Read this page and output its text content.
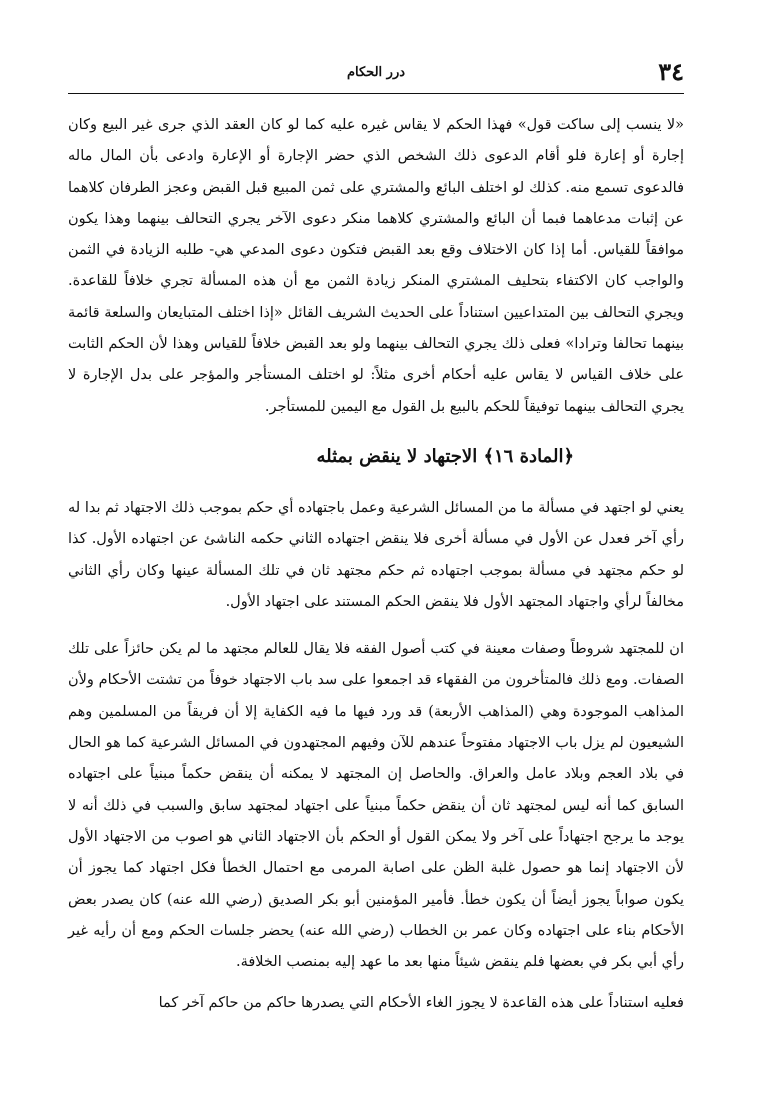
٣٤
درر الحكام

«لا ينسب إلى ساكت قول» فهذا الحكم لا يقاس غيره عليه كما لو كان العقد الذي جرى غير البيع وكان إجارة أو إعارة فلو أقام الدعوى ذلك الشخص الذي حضر الإجارة أو الإعارة وادعى بأن المال ماله فالدعوى تسمع منه. كذلك لو اختلف البائع والمشتري على ثمن المبيع قبل القبض وعجز الطرفان كلاهما عن إثبات مدعاهما فبما أن البائع والمشتري كلاهما منكر دعوى الآخر يجري التحالف بينهما وهذا يكون موافقاً للقياس. أما إذا كان الاختلاف وقع بعد القبض فتكون دعوى المدعي هي- طلبه الزيادة في الثمن والواجب كان الاكتفاء بتحليف المشتري المنكر زيادة الثمن مع أن هذه المسألة تجري خلافاً للقاعدة. ويجري التحالف بين المتداعيين استناداً على الحديث الشريف القائل «إذا اختلف المتبايعان والسلعة قائمة بينهما تحالفا وترادا» فعلى ذلك يجري التحالف بينهما ولو بعد القبض خلافاً للقياس وهذا لأن الحكم الثابت على خلاف القياس لا يقاس عليه أحكام أخرى مثلاً: لو اختلف المستأجر والمؤجر على بدل الإجارة لا يجري التحالف بينهما توفيقاً للحكم بالبيع بل القول مع اليمين للمستأجر.

﴿المادة ١٦﴾ الاجتهاد لا ينقض بمثله

يعني لو اجتهد في مسألة ما من المسائل الشرعية وعمل باجتهاده أي حكم بموجب ذلك الاجتهاد ثم بدا له رأي آخر فعدل عن الأول في مسألة أخرى فلا ينقض اجتهاده الثاني حكمه الناشئ عن اجتهاده الأول. كذا لو حكم مجتهد في مسألة بموجب اجتهاده ثم حكم مجتهد ثان في تلك المسألة عينها وكان رأي الثاني مخالفاً لرأي واجتهاد المجتهد الأول فلا ينقض الحكم المستند على اجتهاد الأول.

ان للمجتهد شروطاً وصفات معينة في كتب أصول الفقه فلا يقال للعالم مجتهد ما لم يكن حائزاً على تلك الصفات. ومع ذلك فالمتأخرون من الفقهاء قد اجمعوا على سد باب الاجتهاد خوفاً من تشتت الأحكام ولأن المذاهب الموجودة وهي (المذاهب الأربعة) قد ورد فيها ما فيه الكفاية إلا أن فريقاً من المسلمين وهم الشيعيون لم يزل باب الاجتهاد مفتوحاً عندهم للآن وفيهم المجتهدون في المسائل الشرعية كما هو الحال في بلاد العجم وبلاد عامل والعراق. والحاصل إن المجتهد لا يمكنه أن ينقض حكماً مبنياً على اجتهاده السابق كما أنه ليس لمجتهد ثان أن ينقض حكماً مبنياً على اجتهاد لمجتهد سابق والسبب في ذلك أنه لا يوجد ما يرجح اجتهاداً على آخر ولا يمكن القول أو الحكم بأن الاجتهاد الثاني هو اصوب من الاجتهاد الأول لأن الاجتهاد إنما هو حصول غلبة الظن على اصابة المرمى مع احتمال الخطأ فكل اجتهاد كما يجوز أن يكون صواباً يجوز أيضاً أن يكون خطأ. فأمير المؤمنين أبو بكر الصديق (رضي الله عنه) كان يصدر بعض الأحكام بناء على اجتهاده وكان عمر بن الخطاب (رضي الله عنه) يحضر جلسات الحكم ومع أن رأيه غير رأي أبي بكر في بعضها فلم ينقض شيئاً منها بعد ما عهد إليه بمنصب الخلافة.

فعليه استناداً على هذه القاعدة لا يجوز الغاء الأحكام التي يصدرها حاكم من حاكم آخر كما
